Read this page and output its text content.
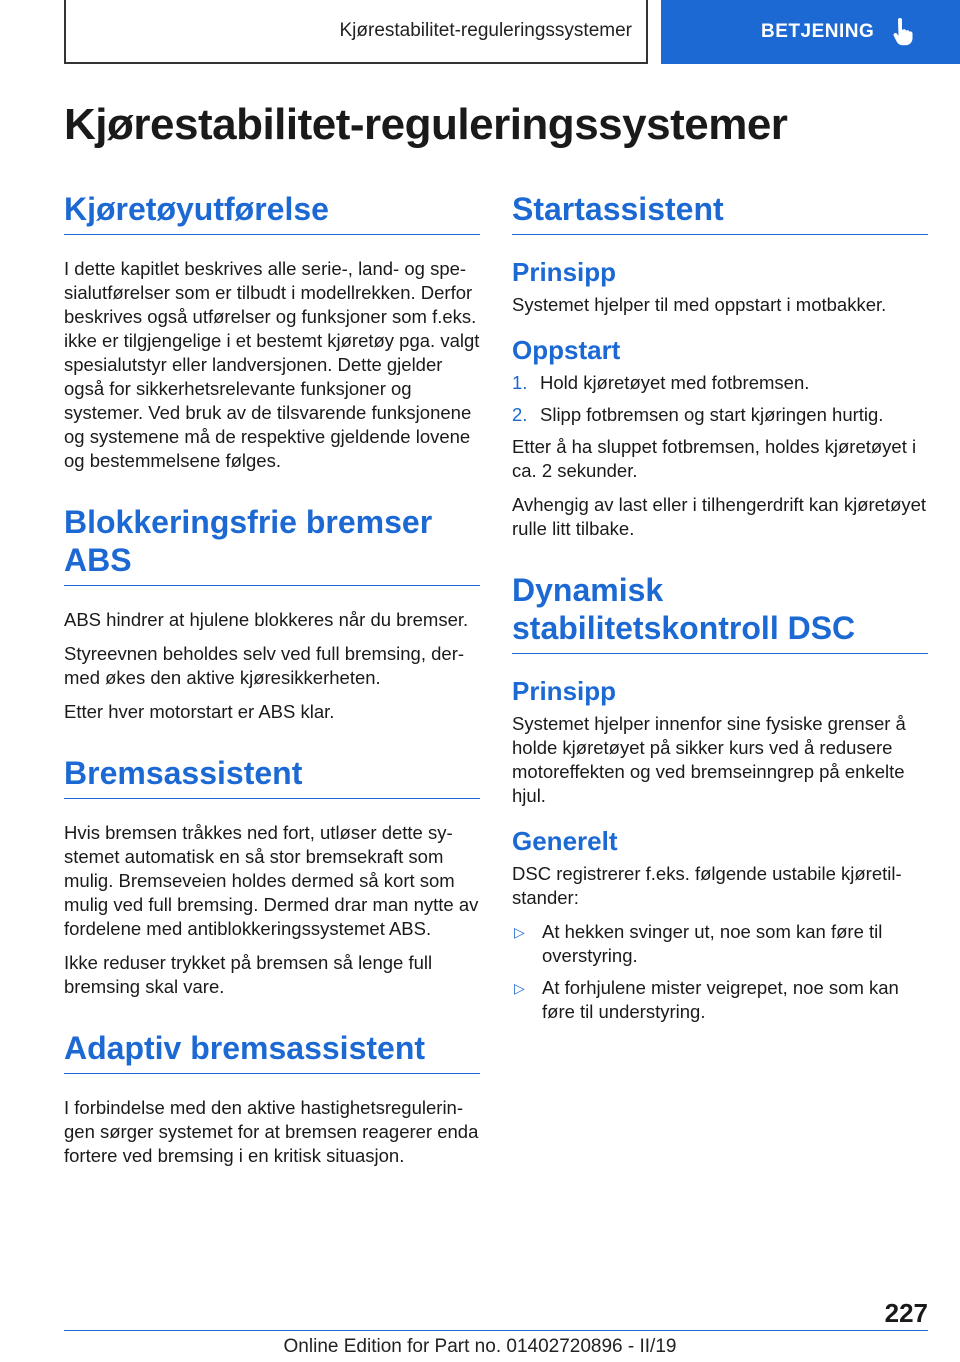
Kjørestabilitet-reguleringssystemer	BETJENING
Kjørestabilitet-reguleringssystemer
Kjøretøyutførelse

I dette kapitlet beskrives alle serie-, land- og spesialutførelser som er tilbudt i modellrekken. Derfor beskrives også utførelser og funksjoner som f.eks. ikke er tilgjengelige i et bestemt kjøretøy pga. valgt spesialutstyr eller landversjonen. Dette gjelder også for sikkerhetsrelevante funksjoner og systemer. Ved bruk av de tilsvarende funksjonene og systemene må de respektive gjeldende lovene og bestemmelsene følges.

Blokkeringsfrie bremser ABS

ABS hindrer at hjulene blokkeres når du bremser.

Styreevnen beholdes selv ved full bremsing, dermed økes den aktive kjøresikkerheten.

Etter hver motorstart er ABS klar.

Bremsassistent

Hvis bremsen tråkkes ned fort, utløser dette systemet automatisk en så stor bremsekraft som mulig. Bremseveien holdes dermed så kort som mulig ved full bremsing. Dermed drar man nytte av fordelene med antiblokkeringssystemet ABS.

Ikke reduser trykket på bremsen så lenge full bremsing skal vare.

Adaptiv bremsassistent

I forbindelse med den aktive hastighetsreguleringen sørger systemet for at bremsen reagerer enda fortere ved bremsing i en kritisk situasjon.

Startassistent
Prinsipp

Systemet hjelper til med oppstart i motbakker.

Oppstart
1. Hold kjøretøyet med fotbremsen.
2. Slipp fotbremsen og start kjøringen hurtig.

Etter å ha sluppet fotbremsen, holdes kjøretøyet i ca. 2 sekunder.

Avhengig av last eller i tilhengerdrift kan kjøretøyet rulle litt tilbake.

Dynamisk stabilitetskontroll DSC
Prinsipp

Systemet hjelper innenfor sine fysiske grenser å holde kjøretøyet på sikker kurs ved å redusere motoreffekten og ved bremseinngrep på enkelte hjul.

Generelt

DSC registrerer f.eks. følgende ustabile kjøretilstander:

▷ At hekken svinger ut, noe som kan føre til overstyring.
▷ At forhjulene mister veigrepet, noe som kan føre til understyring.
227
Online Edition for Part no. 01402720896 - II/19
